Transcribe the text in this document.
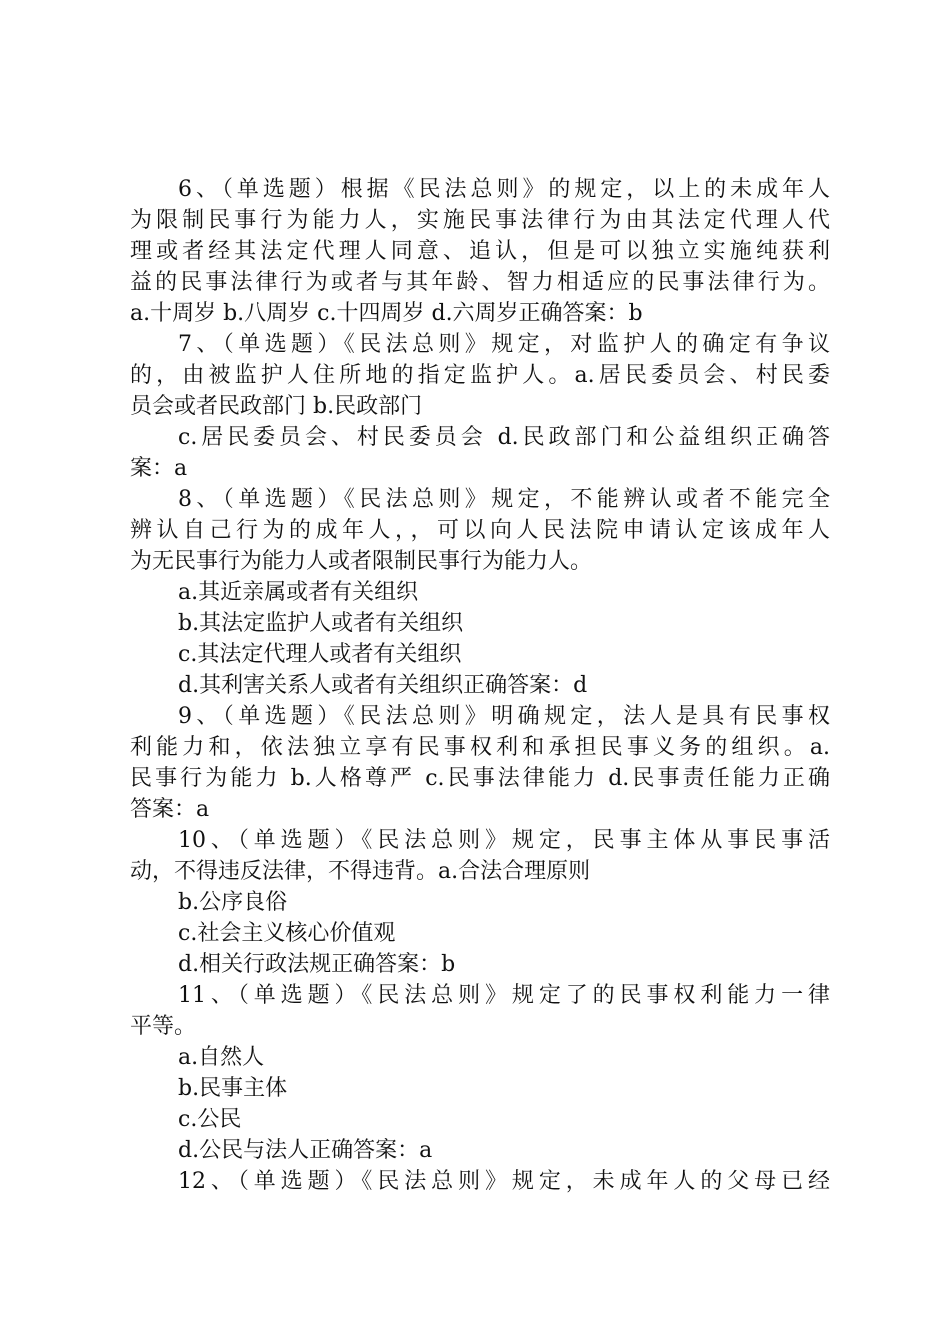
6、（单选题）根据《民法总则》的规定，以上的未成年人
为限制民事行为能力人，实施民事法律行为由其法定代理人代
理或者经其法定代理人同意、追认，但是可以独立实施纯获利
益的民事法律行为或者与其年龄、智力相适应的民事法律行为。
a.十周岁 b.八周岁 c.十四周岁 d.六周岁正确答案：b
7、（单选题）《民法总则》规定，对监护人的确定有争议
的，由被监护人住所地的指定监护人。a.居民委员会、村民委
员会或者民政部门 b.民政部门
c.居民委员会、村民委员会 d.民政部门和公益组织正确答
案：a
8、（单选题）《民法总则》规定，不能辨认或者不能完全
辨认自己行为的成年人，，可以向人民法院申请认定该成年人
为无民事行为能力人或者限制民事行为能力人。
a.其近亲属或者有关组织
b.其法定监护人或者有关组织
c.其法定代理人或者有关组织
d.其利害关系人或者有关组织正确答案：d
9、（单选题）《民法总则》明确规定，法人是具有民事权
利能力和，依法独立享有民事权利和承担民事义务的组织。a.
民事行为能力 b.人格尊严 c.民事法律能力 d.民事责任能力正确
答案：a
10、（单选题）《民法总则》规定，民事主体从事民事活
动，不得违反法律，不得违背。a.合法合理原则
b.公序良俗
c.社会主义核心价值观
d.相关行政法规正确答案：b
11、（单选题）《民法总则》规定了的民事权利能力一律
平等。
a.自然人
b.民事主体
c.公民
d.公民与法人正确答案：a
12、（单选题）《民法总则》规定，未成年人的父母已经
